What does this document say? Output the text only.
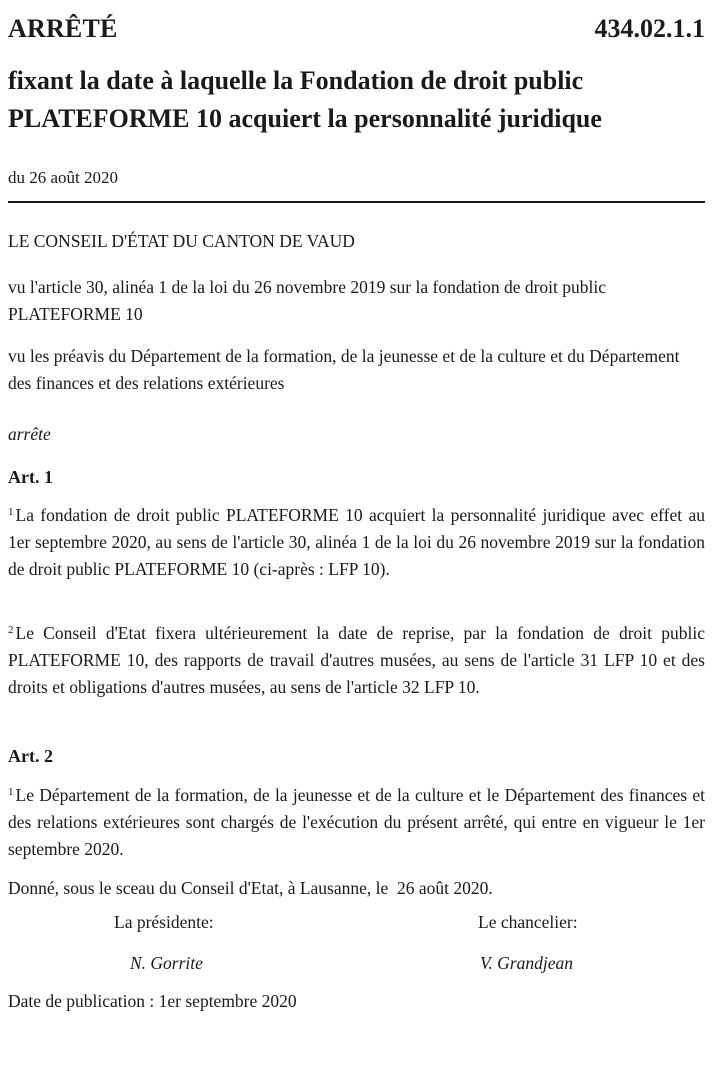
ARRÊTÉ	434.02.1.1
fixant la date à laquelle la Fondation de droit public PLATEFORME 10 acquiert la personnalité juridique
du 26 août 2020
LE CONSEIL D'ÉTAT DU CANTON DE VAUD
vu l'article 30, alinéa 1 de la loi du 26 novembre 2019 sur la fondation de droit public PLATEFORME 10
vu les préavis du Département de la formation, de la jeunesse et de la culture et du Département des finances et des relations extérieures
arrête
Art. 1
$^1$ La fondation de droit public PLATEFORME 10 acquiert la personnalité juridique avec effet au 1er septembre 2020, au sens de l'article 30, alinéa 1 de la loi du 26 novembre 2019 sur la fondation de droit public PLATEFORME 10 (ci-après : LFP 10).
$^2$ Le Conseil d'Etat fixera ultérieurement la date de reprise, par la fondation de droit public PLATEFORME 10, des rapports de travail d'autres musées, au sens de l'article 31 LFP 10 et des droits et obligations d'autres musées, au sens de l'article 32 LFP 10.
Art. 2
$^1$ Le Département de la formation, de la jeunesse et de la culture et le Département des finances et des relations extérieures sont chargés de l'exécution du présent arrêté, qui entre en vigueur le 1er septembre 2020.
Donné, sous le sceau du Conseil d'Etat, à Lausanne, le  26 août 2020.
La présidente:	Le chancelier:
N. Gorrite	V. Grandjean
Date de publication : 1er septembre 2020
